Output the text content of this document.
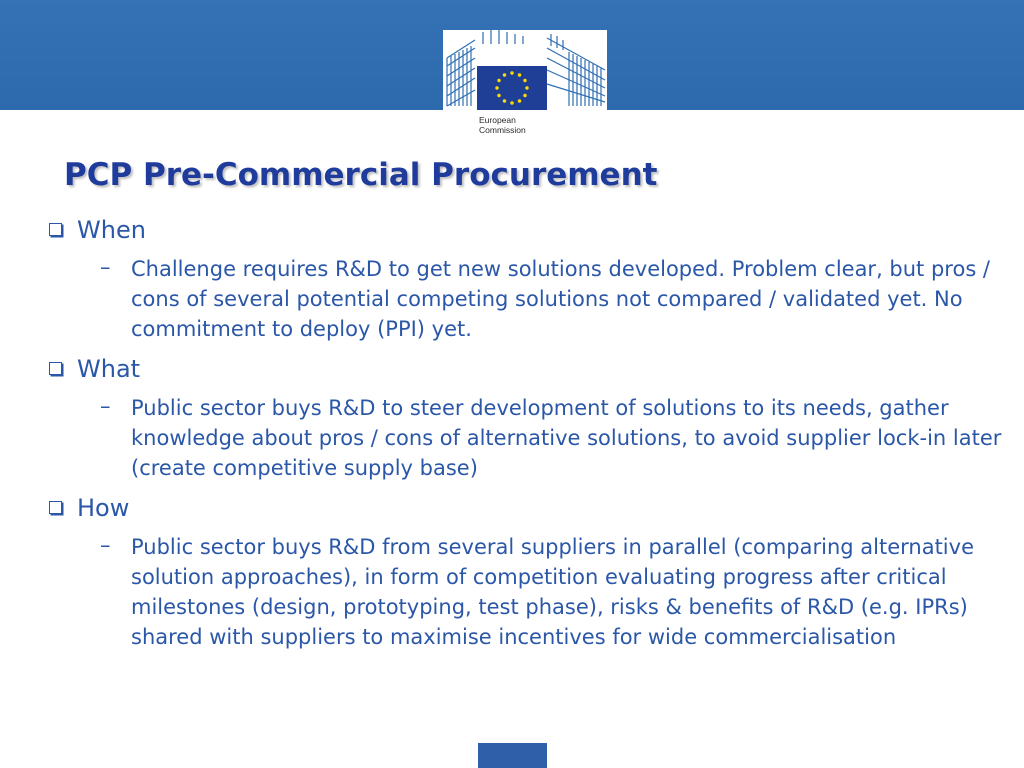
European
Commission
PCP Pre-Commercial Procurement
When
– Challenge requires R&D to get new solutions developed. Problem clear, but pros / cons of several potential competing solutions not compared / validated yet. No commitment to deploy (PPI) yet.

What
– Public sector buys R&D to steer development of solutions to its needs, gather knowledge about pros / cons of alternative solutions, to avoid supplier lock-in later (create competitive supply base)

How
– Public sector buys R&D from several suppliers in parallel (comparing alternative solution approaches), in form of competition evaluating progress after critical milestones (design, prototyping, test phase), risks & benefits of R&D (e.g. IPRs) shared with suppliers to maximise incentives for wide commercialisation
